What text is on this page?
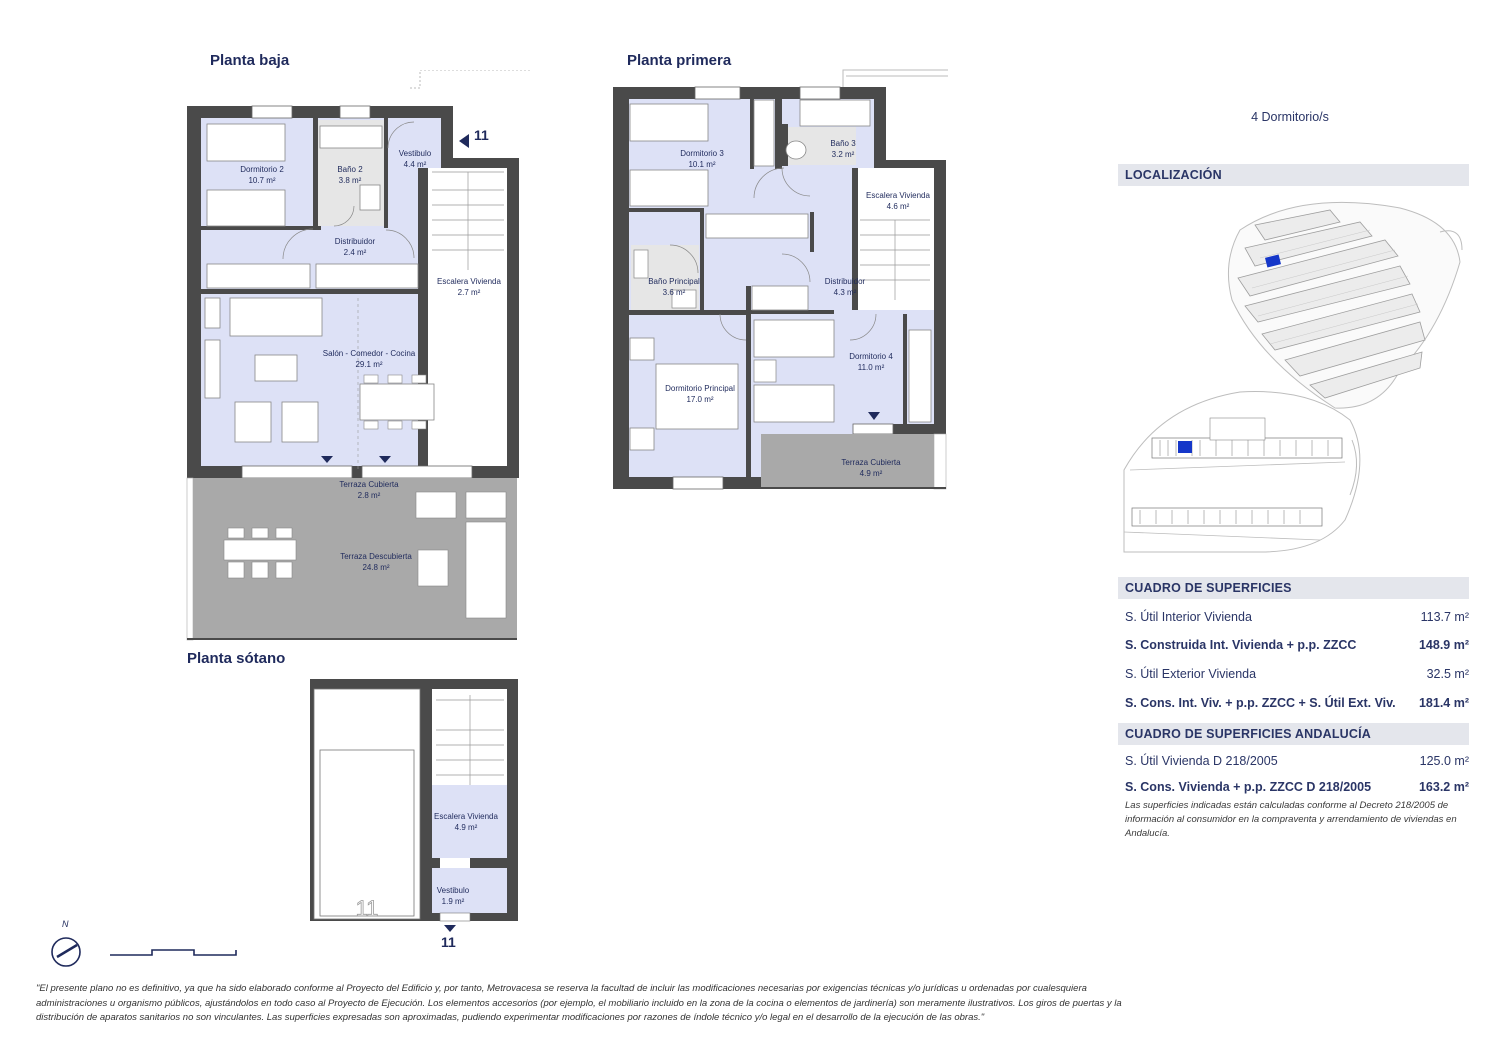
Planta baja	Planta primera
Planta sótano
Dormitorio 2
10.7 m²
Baño 2
3.8 m²
Vestibulo
4.4 m²
Distribuidor
2.4 m²
Escalera Vivienda
2.7 m²
Salón - Comedor - Cocina
29.1 m²
Terraza Cubierta
2.8 m²
Terraza Descubierta
24.8 m²
11
Dormitorio 3
10.1 m²
Baño 3
3.2 m²
Escalera Vivienda
4.6 m²
Baño Principal
3.6 m²
Distribuidor
4.3 m²
Dormitorio 4
11.0 m²
Dormitorio Principal
17.0 m²
Terraza Cubierta
4.9 m²
11
Escalera Vivienda
4.9 m²
Vestibulo
1.9 m²
11
N
4 Dormitorio/s
LOCALIZACIÓN
CUADRO DE SUPERFICIES
S. Útil Interior Vivienda	113.7 m²
S. Construida Int. Vivienda + p.p. ZZCC	148.9 m²
S. Útil Exterior Vivienda	32.5 m²
S. Cons. Int. Viv. + p.p. ZZCC + S. Útil Ext. Viv. 181.4 m²
CUADRO DE SUPERFICIES ANDALUCÍA
S. Útil Vivienda D 218/2005	125.0 m²
S. Cons. Vivienda + p.p. ZZCC D 218/2005	163.2 m²
Las superficies indicadas están calculadas conforme al Decreto 218/2005 de información al consumidor en la compraventa y arrendamiento de viviendas en Andalucía.
"El presente plano no es definitivo, ya que ha sido elaborado conforme al Proyecto del Edificio y, por tanto, Metrovacesa se reserva la facultad de incluir las modificaciones necesarias por exigencias técnicas y/o jurídicas u ordenadas por cualesquiera administraciones u organismo públicos, ajustándolos en todo caso al Proyecto de Ejecución. Los elementos accesorios (por ejemplo, el mobiliario incluido en la zona de la cocina o elementos de jardinería) son meramente ilustrativos. Los giros de puertas y la distribución de aparatos sanitarios no son vinculantes. Las superficies expresadas son aproximadas, pudiendo experimentar modificaciones por razones de índole técnico y/o legal en el desarrollo de la ejecución de las obras."
